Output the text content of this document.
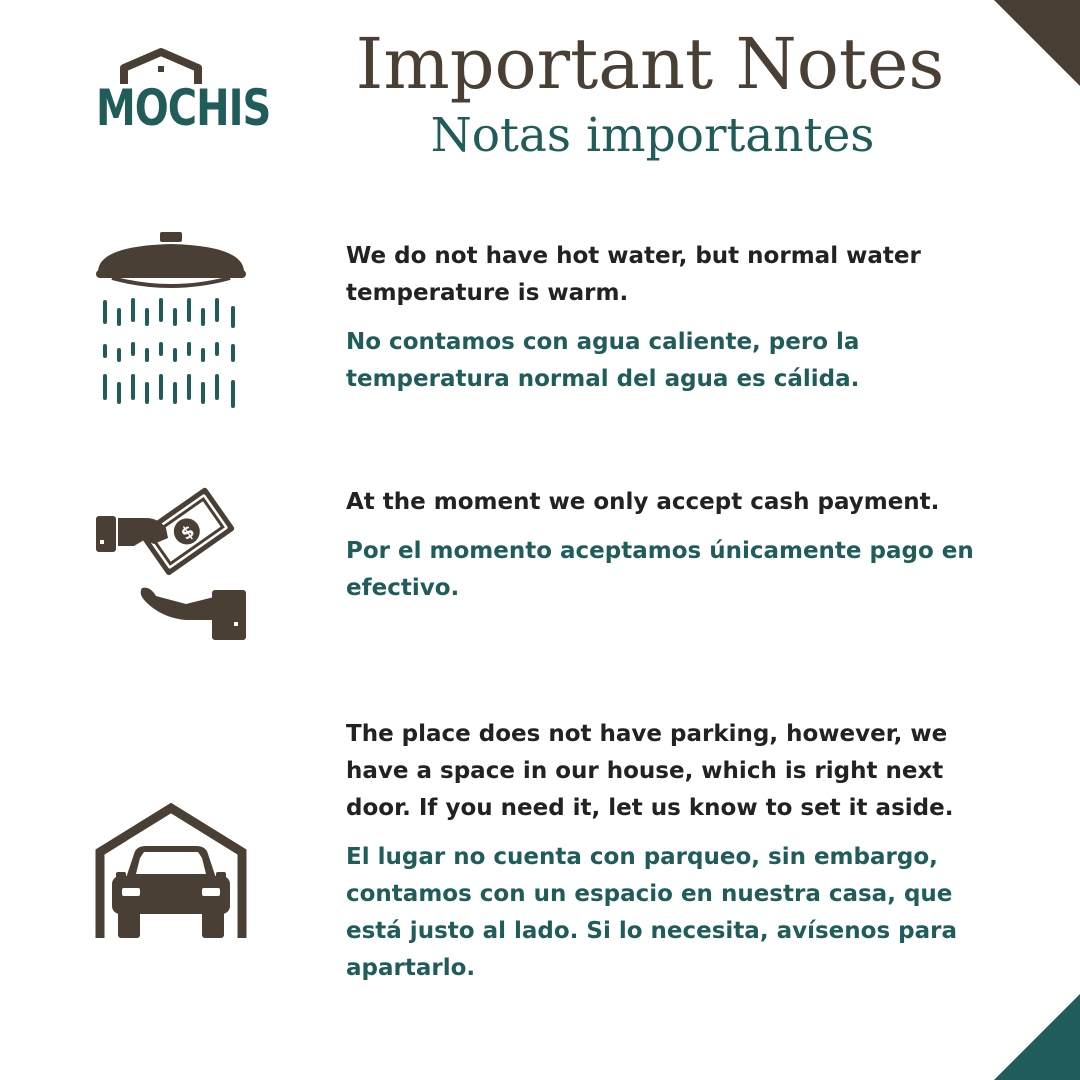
MOCHIS
Important Notes
Notas importantes

We do not have hot water, but normal water temperature is warm.

No contamos con agua caliente, pero la temperatura normal del agua es cálida.

$

At the moment we only accept cash payment.

Por el momento aceptamos únicamente pago en efectivo.

The place does not have parking, however, we have a space in our house, which is right next door. If you need it, let us know to set it aside.

El lugar no cuenta con parqueo, sin embargo, contamos con un espacio en nuestra casa, que está justo al lado. Si lo necesita, avísenos para apartarlo.
